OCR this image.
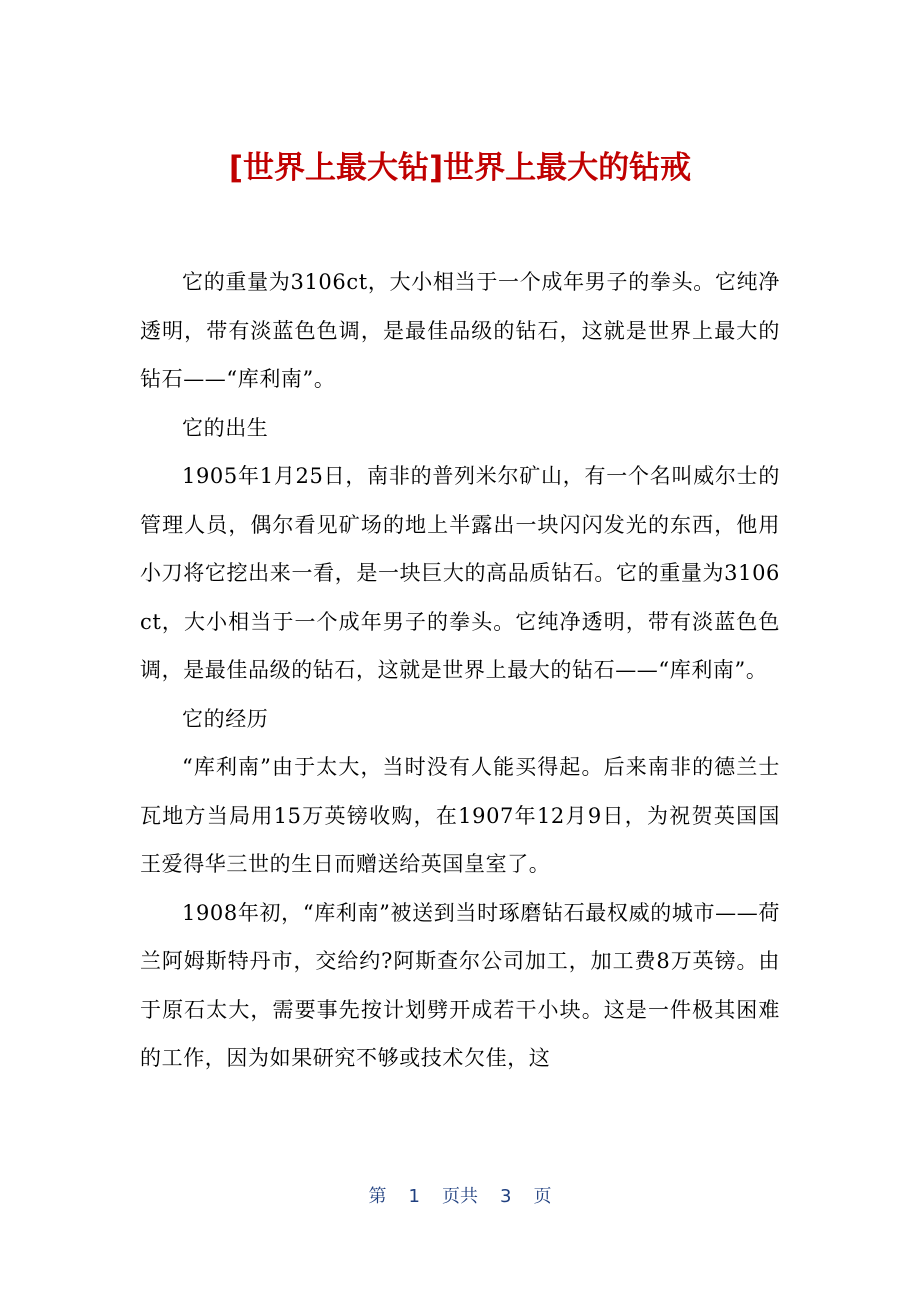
[世界上最大钻]世界上最大的钻戒

它的重量为3106ct，大小相当于一个成年男子的拳头。它纯净透明，带有淡蓝色色调，是最佳品级的钻石，这就是世界上最大的钻石——“库利南”。

它的出生

1905年1月25日，南非的普列米尔矿山，有一个名叫威尔士的管理人员，偶尔看见矿场的地上半露出一块闪闪发光的东西，他用小刀将它挖出来一看，是一块巨大的高品质钻石。它的重量为3106ct，大小相当于一个成年男子的拳头。它纯净透明，带有淡蓝色色调，是最佳品级的钻石，这就是世界上最大的钻石——“库利南”。

它的经历

“库利南”由于太大，当时没有人能买得起。后来南非的德兰士瓦地方当局用15万英镑收购，在1907年12月9日，为祝贺英国国王爱得华三世的生日而赠送给英国皇室了。

1908年初，“库利南”被送到当时琢磨钻石最权威的城市——荷兰阿姆斯特丹市，交给约?阿斯查尔公司加工，加工费8万英镑。由于原石太大，需要事先按计划劈开成若干小块。这是一件极其困难的工作，因为如果研究不够或技术欠佳，这

第 1 页共 3 页
